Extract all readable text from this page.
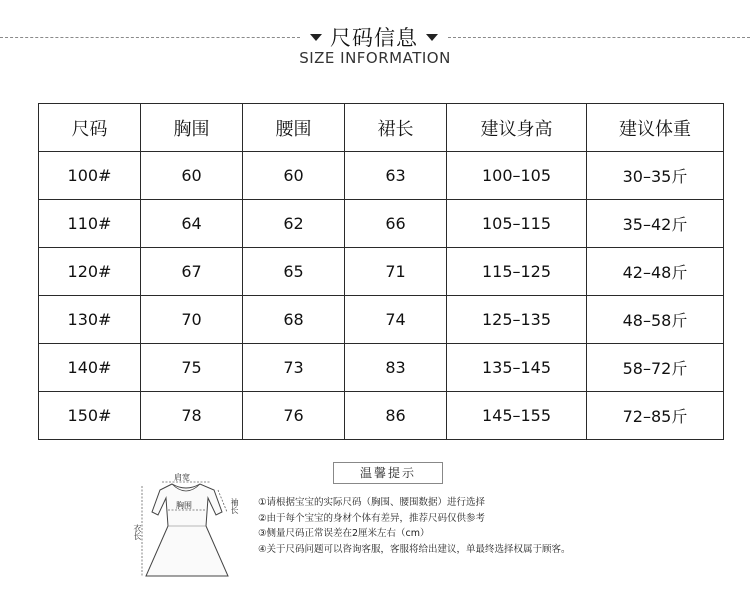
尺码信息
SIZE INFORMATION
尺码	胸围	腰围	裙长	建议身高	建议体重
100#	60	60	63	100–105	30–35斤
110#	64	62	66	105–115	35–42斤
120#	67	65	71	115–125	42–48斤
130#	70	68	74	125–135	48–58斤
140#	75	73	83	135–145	58–72斤
150#	78	76	86	145–155	72–85斤
肩宽
胸围
衣长
袖长
温馨提示
①请根据宝宝的实际尺码（胸围、腰围数据）进行选择
②由于每个宝宝的身材个体有差异，推荐尺码仅供参考
③侧量尺码正常误差在2厘米左右（cm）
④关于尺码问题可以咨询客服，客服将给出建议，单最终选择权属于顾客。
